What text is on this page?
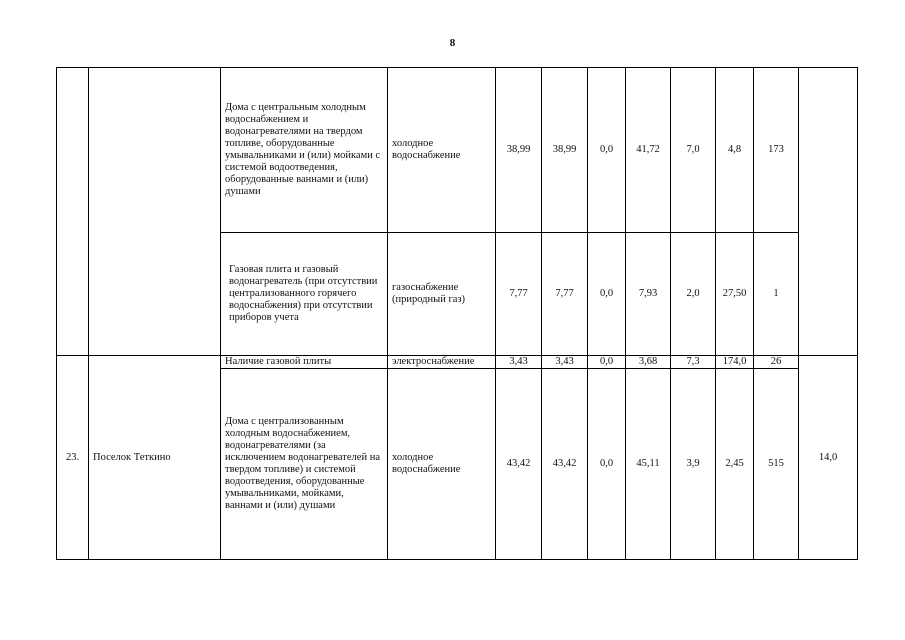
8
		Дома с центральным холодным водоснабжением и водонагревателями на твердом топливе, оборудованные умывальниками и (или) мойками с системой водоотведения, оборудованные ваннами и (или) душами	холодное водоснабжение	38,99	38,99	0,0	41,72	7,0	4,8	173	
		Газовая плита и газовый водонагреватель (при отсутствии централизованного горячего водоснабжения) при отсутствии приборов учета	газоснабжение (природный газ)	7,77	7,77	0,0	7,93	2,0	27,50	1	
23.	Поселок Теткино	Наличие газовой плиты	электроснабжение	3,43	3,43	0,0	3,68	7,3	174,0	26	14,0
		Дома с централизованным холодным водоснабжением, водонагревателями (за исключением водонагревателей на твердом топливе) и системой водоотведения, оборудованные умывальниками, мойками, ваннами и (или) душами	холодное водоснабжение	43,42	43,42	0,0	45,11	3,9	2,45	515	
